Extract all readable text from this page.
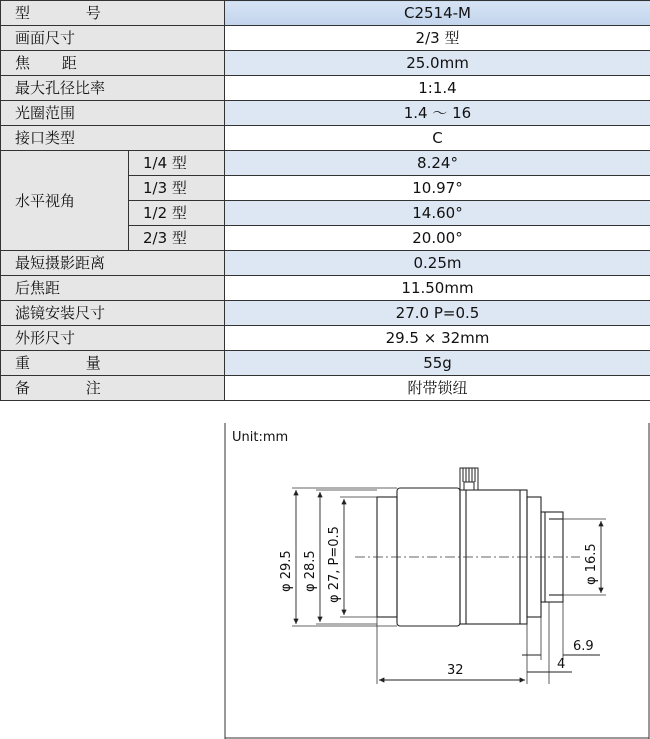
型 号		C2514-M
画面尺寸		2/3 型
焦 距		25.0mm
最大孔径比率		1:1.4
光圈范围		1.4 ～ 16
接口类型		C
水平视角	1/4 型	8.24°
	1/3 型	10.97°
	1/2 型	14.60°
	2/3 型	20.00°
最短摄影距离		0.25m
后焦距		11.50mm
滤镜安装尺寸		27.0 P=0.5
外形尺寸		29.5 × 32mm
重 量		55g
备 注		附带锁纽
φ 29.5 φ 28.5 φ 27, P=0.5	φ 16.5
32
6.9
4
Unit:mm
